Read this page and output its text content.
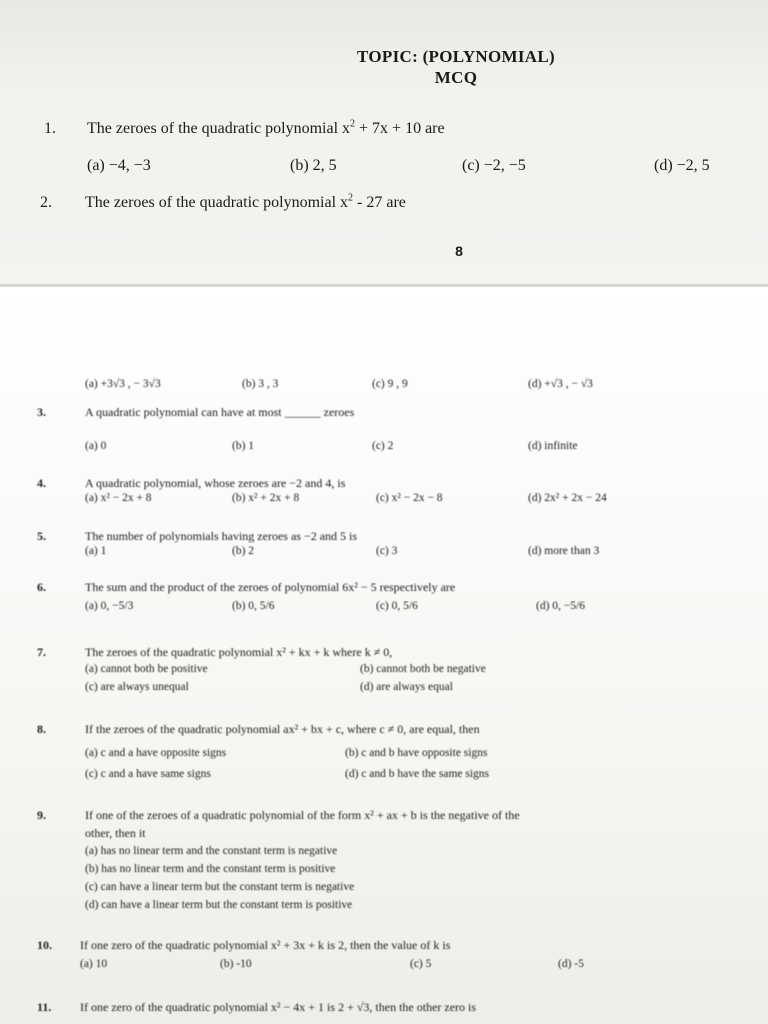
TOPIC: (POLYNOMIAL)
MCQ
1. The zeroes of the quadratic polynomial $x^2 + 7x + 10$ are
(a) −4, −3	(b) 2, 5	(c) −2, −5	(d) −2, 5
2. The zeroes of the quadratic polynomial $x^2 - 27$ are
8
(a) +3√3 , − 3√3	(b) 3 , 3	(c) 9 , 9	(d) +√3 , − √3
3.	A quadratic polynomial can have at most ______ zeroes
(a) 0	(b) 1	(c) 2	(d) infinite
4.	A quadratic polynomial, whose zeroes are −2 and 4, is
(a) x² − 2x + 8	(b) x² + 2x + 8	(c) x² − 2x − 8	(d) 2x² + 2x − 24
5.	The number of polynomials having zeroes as −2 and 5 is
(a) 1	(b) 2	(c) 3	(d) more than 3
6.	The sum and the product of the zeroes of polynomial 6x² − 5 respectively are
(a) 0, −5/3	(b) 0, 5/6	(c) 0, 5/6	(d) 0, −5/6
7.	The zeroes of the quadratic polynomial x² + kx + k where k ≠ 0,
(a) cannot both be positive	(b) cannot both be negative
(c) are always unequal	(d) are always equal
8.	If the zeroes of the quadratic polynomial ax² + bx + c, where c ≠ 0, are equal, then
(a) c and a have opposite signs	(b) c and b have opposite signs
(c) c and a have same signs	(d) c and b have the same signs
9.	If one of the zeroes of a quadratic polynomial of the form x² + ax + b is the negative of the
other, then it
(a) has no linear term and the constant term is negative
(b) has no linear term and the constant term is positive
(c) can have a linear term but the constant term is negative
(d) can have a linear term but the constant term is positive
10. If one zero of the quadratic polynomial x² + 3x + k is 2, then the value of k is
(a) 10	(b) -10	(c) 5	(d) -5
11. If one zero of the quadratic polynomial x² − 4x + 1 is 2 + √3, then the other zero is
